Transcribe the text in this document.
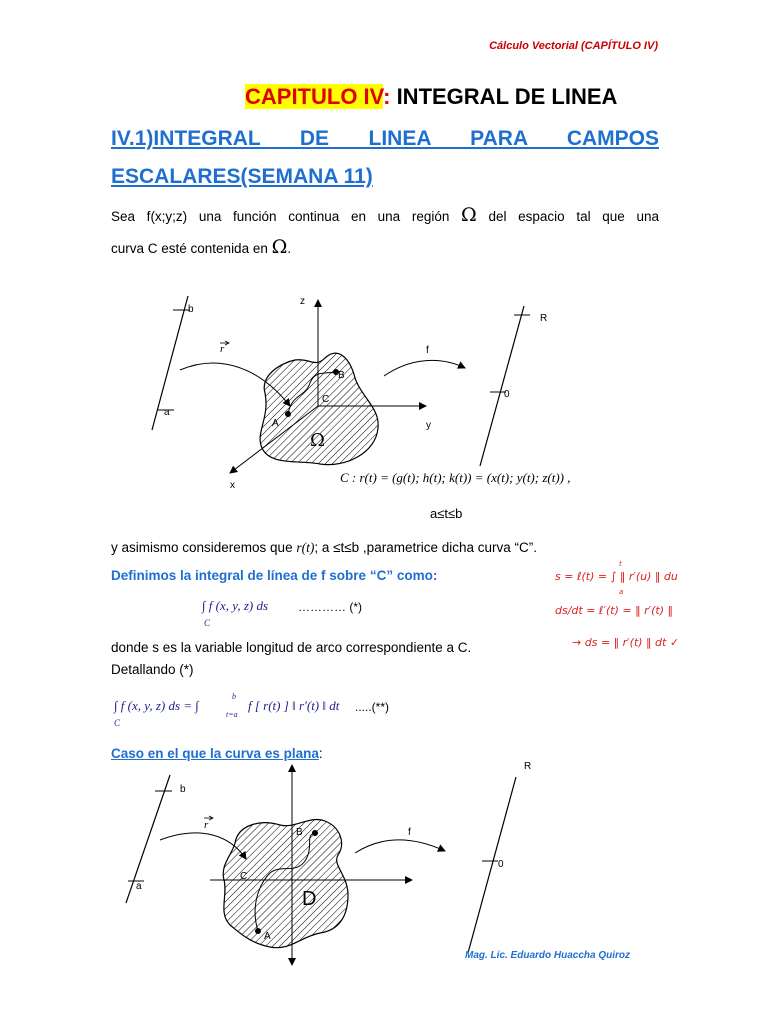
Cálculo Vectorial (CAPÍTULO IV)
CAPITULO IV: INTEGRAL DE LINEA
IV.1)INTEGRAL   DE   LINEA   PARA   CAMPOS
ESCALARES(SEMANA 11)
Sea f(x;y;z) una función continua en una región Ω del espacio tal que una
curva C esté contenida en Ω.
b
a
r
z
y
x
B
A
C
Ω
f
R
0
C : r(t) = (g(t); h(t); k(t)) = (x(t); y(t); z(t)) ,
a≤t≤b
y asimismo consideremos que r(t); a ≤t≤b ,parametrice dicha curva “C”.
Definimos la integral de línea de f sobre “C” como:
∫ f (x, y, z) ds
C
………… (*)
donde s es la variable longitud de arco correspondiente a C.
Detallando (*)
∫ f (x, y, z) ds = ∫
C
t=a
b
f [ r(t) ] ‖ r′(t) ‖ dt .....(**)
s = ℓ(t) = ∫ ‖ r′(u) ‖ du
t
a
ds/dt = ℓ′(t) = ‖ r′(t) ‖
→ ds = ‖ r′(t) ‖ dt ✓
Caso en el que la curva es plana:
b
a
r
B
C
D
A
f
0
R
Mag. Lic. Eduardo Huaccha Quiroz
